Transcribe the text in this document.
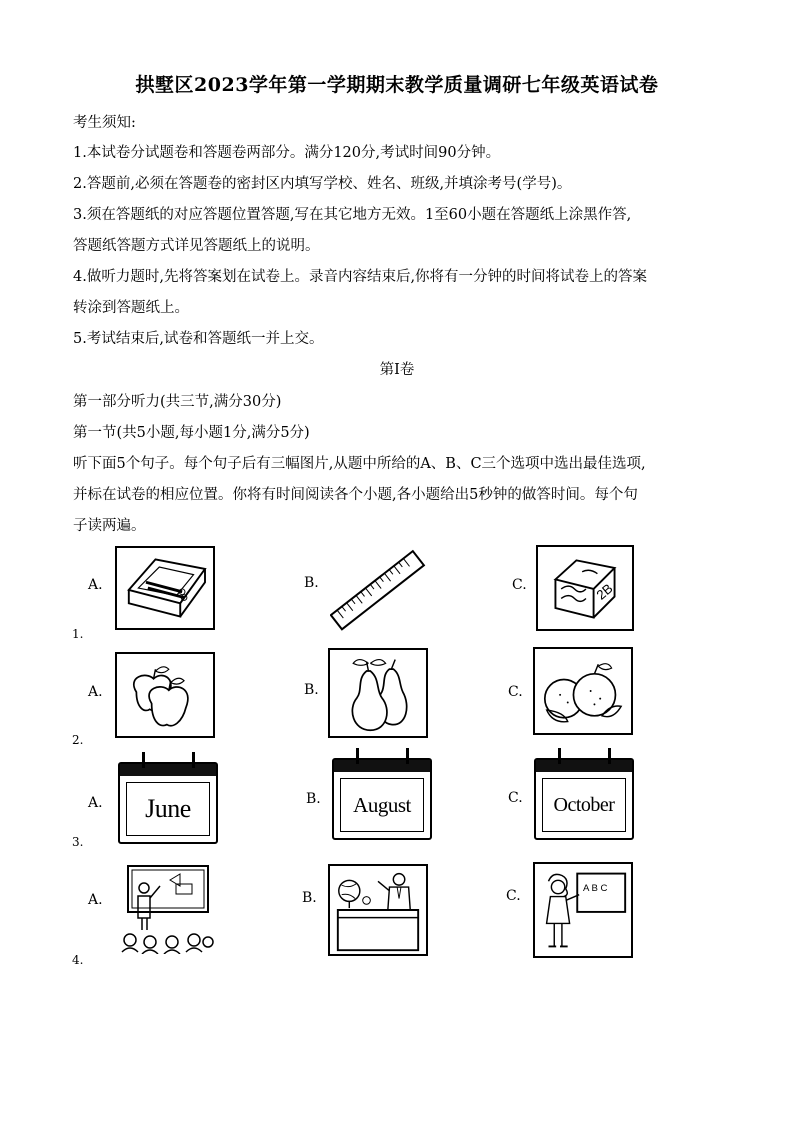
拱墅区2023学年第一学期期末教学质量调研七年级英语试卷
考生须知:
1.本试卷分试题卷和答题卷两部分。满分120分,考试时间90分钟。
2.答题前,必须在答题卷的密封区内填写学校、姓名、班级,并填涂考号(学号)。
3.须在答题纸的对应答题位置答题,写在其它地方无效。1至60小题在答题纸上涂黑作答,
答题纸答题方式详见答题纸上的说明。
4.做听力题时,先将答案划在试卷上。录音内容结束后,你将有一分钟的时间将试卷上的答案
转涂到答题纸上。
5.考试结束后,试卷和答题纸一并上交。
第I卷
第一部分听力(共三节,满分30分)
第一节(共5小题,每小题1分,满分5分)
听下面5个句子。每个句子后有三幅图片,从题中所给的A、B、C三个选项中选出最佳选项,
并标在试卷的相应位置。你将有时间阅读各个小题,各小题给出5秒钟的做答时间。每个句
子读两遍。
1.
A.	B.	C.	2B
2.
A.	B.	C.
3.
A.	June	B.	August	C.	October
4.
A.	B.	C.	A B C
